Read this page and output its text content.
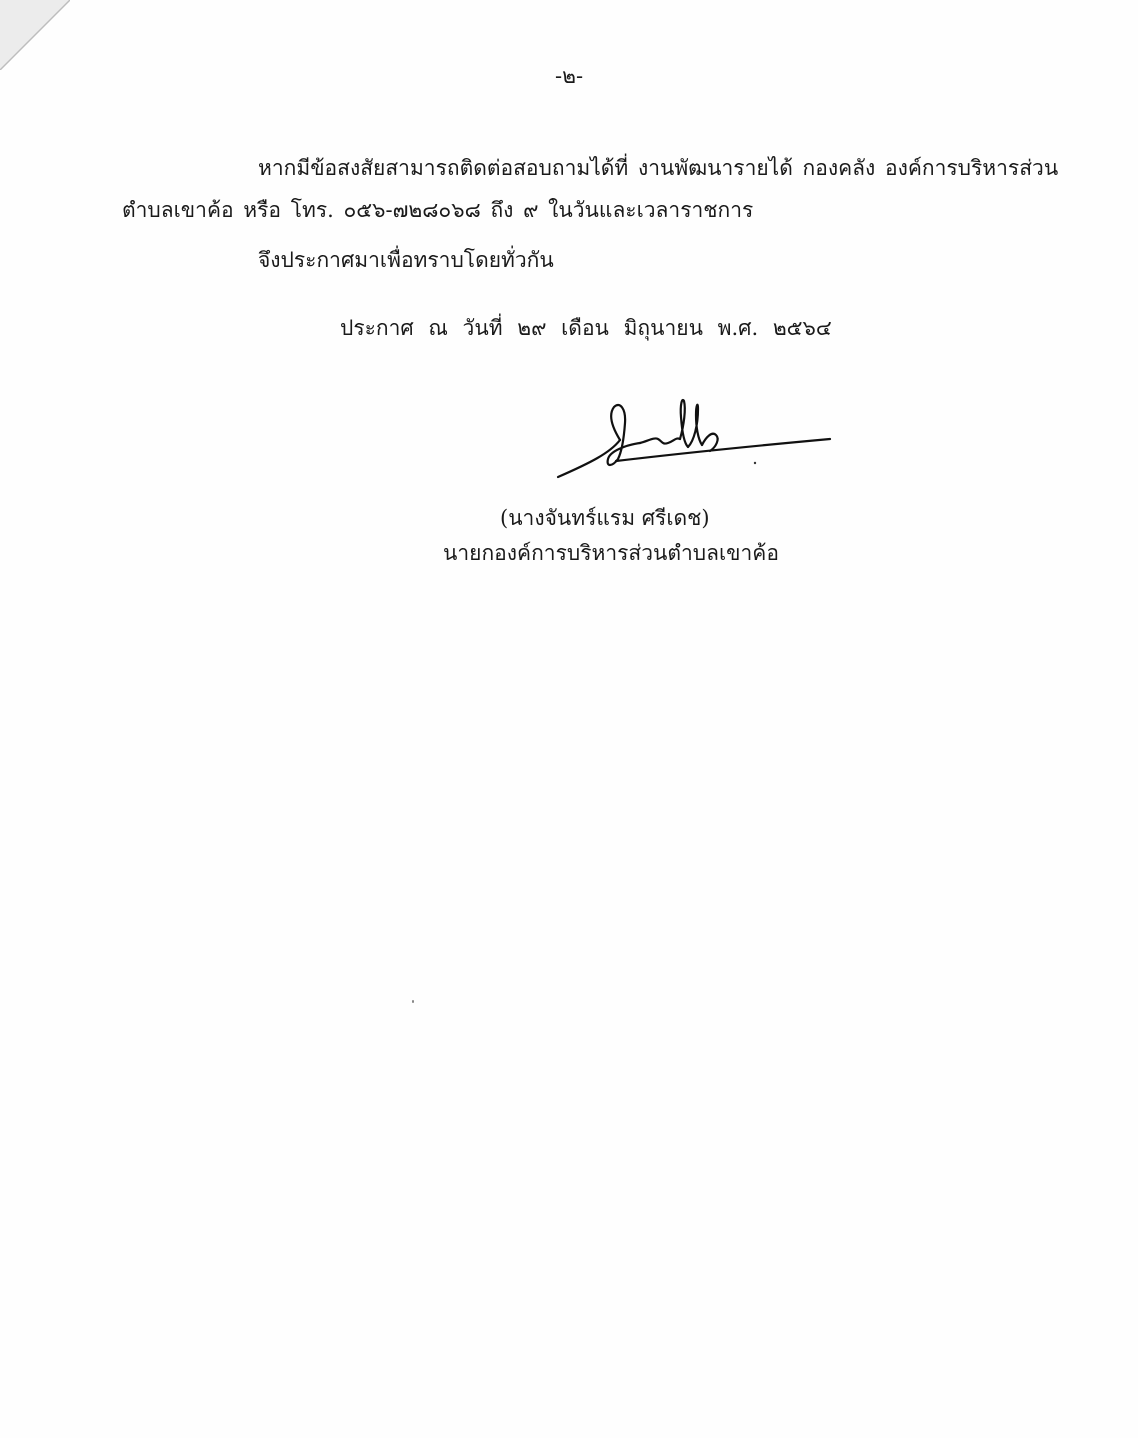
-๒-
หากมีข้อสงสัยสามารถติดต่อสอบถามได้ที่ งานพัฒนารายได้ กองคลัง องค์การบริหารส่วน
ตำบลเขาค้อ หรือ โทร. ๐๕๖-๗๒๘๐๖๘ ถึง ๙ ในวันและเวลาราชการ
จึงประกาศมาเพื่อทราบโดยทั่วกัน
ประกาศ ณ วันที่ ๒๙ เดือน มิถุนายน พ.ศ. ๒๕๖๔
(นางจันทร์แรม ศรีเดช)
นายกองค์การบริหารส่วนตำบลเขาค้อ
